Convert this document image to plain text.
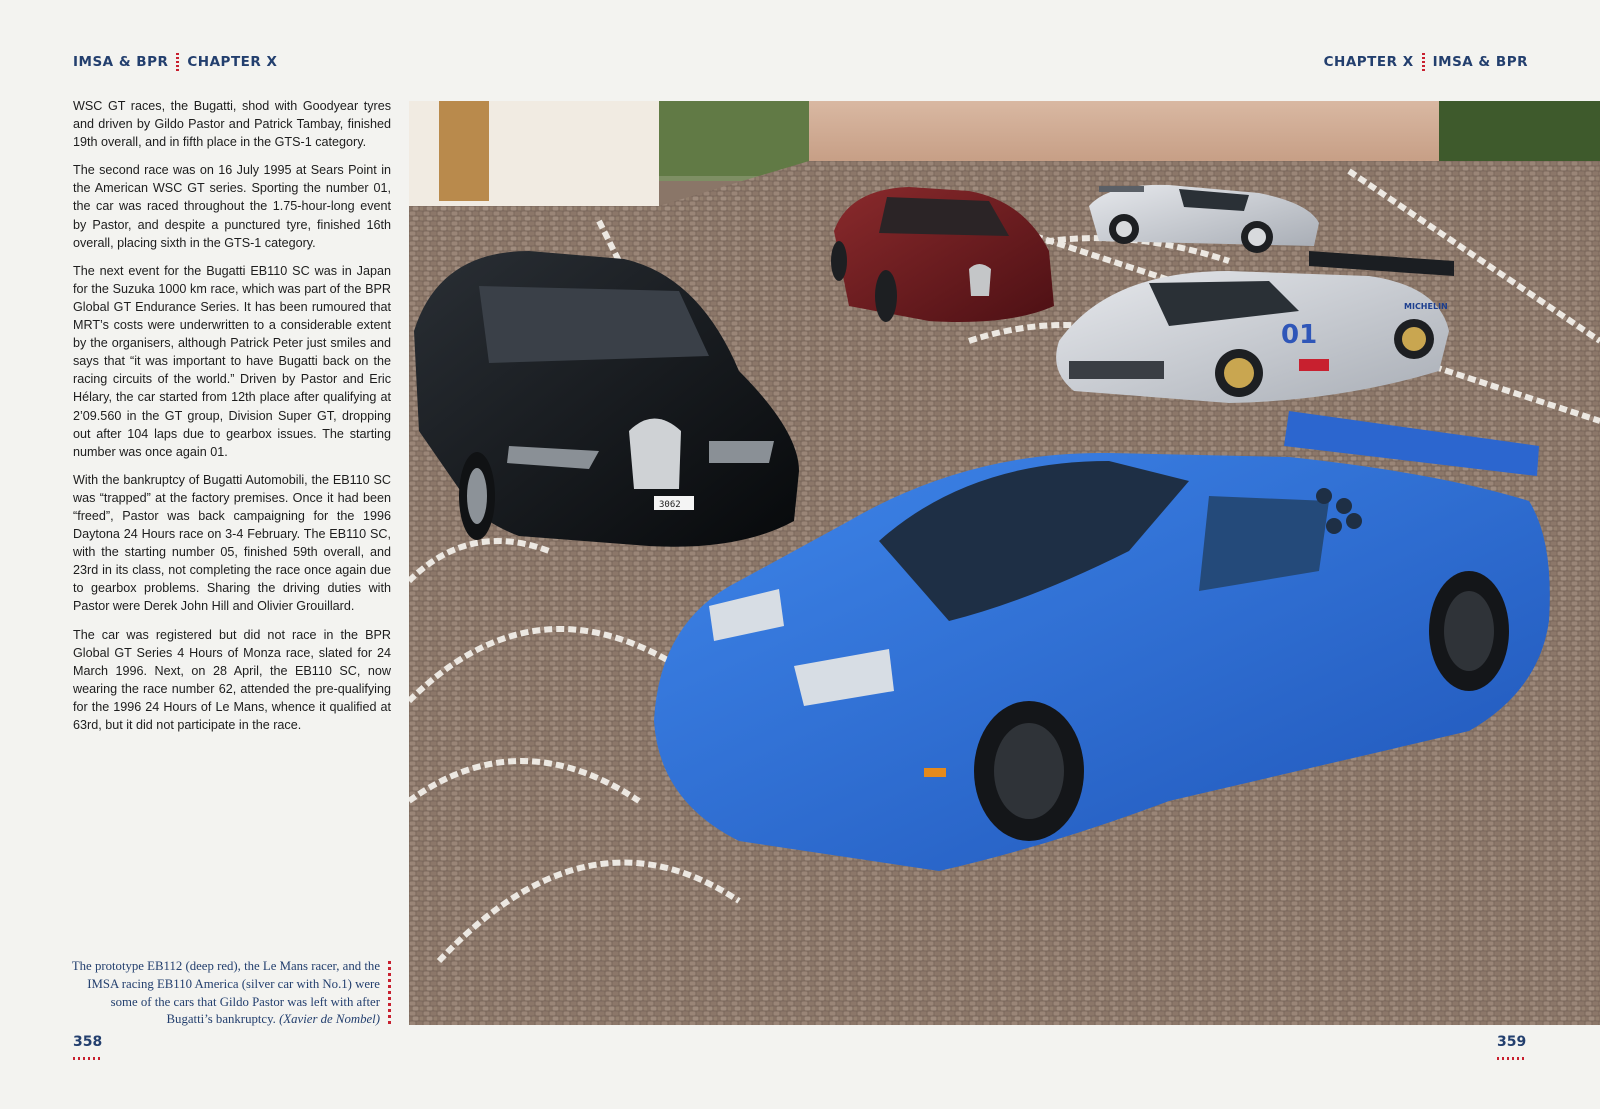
IMSA & BPR CHAPTER X	CHAPTER X IMSA & BPR

WSC GT races, the Bugatti, shod with Goodyear tyres and driven by Gildo Pastor and Patrick Tambay, finished 19th overall, and in fifth place in the GTS-1 category.

The second race was on 16 July 1995 at Sears Point in the American WSC GT series. Sporting the number 01, the car was raced throughout the 1.75-hour-long event by Pastor, and despite a punctured tyre, finished 16th overall, placing sixth in the GTS-1 category.

The next event for the Bugatti EB110 SC was in Japan for the Suzuka 1000 km race, which was part of the BPR Global GT Endurance Series. It has been rumoured that MRT’s costs were underwritten to a considerable extent by the organisers, although Patrick Peter just smiles and says that “it was important to have Bugatti back on the racing circuits of the world.” Driven by Pastor and Eric Hélary, the car started from 12th place after qualifying at 2’09.560 in the GT group, Division Super GT, dropping out after 104 laps due to gearbox issues. The starting number was once again 01.

With the bankruptcy of Bugatti Automobili, the EB110 SC was “trapped” at the factory premises. Once it had been “freed”, Pastor was back campaigning for the 1996 Daytona 24 Hours race on 3-4 February. The EB110 SC, with the starting number 05, finished 59th overall, and 23rd in its class, not completing the race once again due to gearbox problems. Sharing the driving duties with Pastor were Derek John Hill and Olivier Grouillard.

The car was registered but did not race in the BPR Global GT Series 4 Hours of Monza race, slated for 24 March 1996. Next, on 28 April, the EB110 SC, now wearing the race number 62, attended the pre-qualifying for the 1996 24 Hours of Le Mans, whence it qualified at 63rd, but it did not participate in the race.

The prototype EB112 (deep red), the Le Mans racer, and the IMSA racing EB110 America (silver car with No.1) were some of the cars that Gildo Pastor was left with after Bugatti’s bankruptcy. (Xavier de Nombel)
358	359
01
MICHELIN
3062
